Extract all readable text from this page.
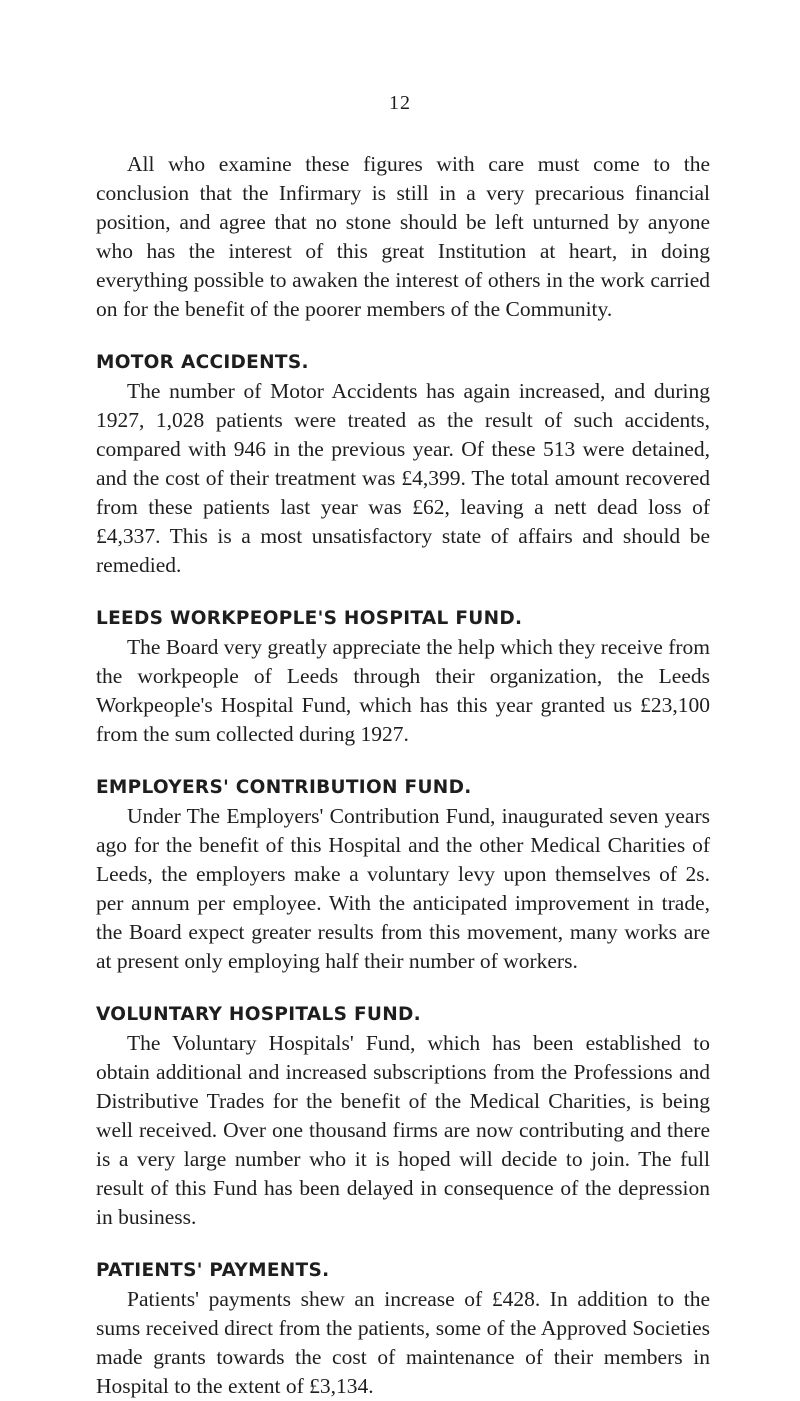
12

All who examine these figures with care must come to the conclusion that the Infirmary is still in a very precarious financial position, and agree that no stone should be left unturned by anyone who has the interest of this great Institution at heart, in doing everything possible to awaken the interest of others in the work carried on for the benefit of the poorer members of the Community.

MOTOR ACCIDENTS.

The number of Motor Accidents has again increased, and during 1927, 1,028 patients were treated as the result of such accidents, compared with 946 in the previous year. Of these 513 were detained, and the cost of their treatment was £4,399. The total amount recovered from these patients last year was £62, leaving a nett dead loss of £4,337. This is a most unsatisfactory state of affairs and should be remedied.

LEEDS WORKPEOPLE'S HOSPITAL FUND.

The Board very greatly appreciate the help which they receive from the workpeople of Leeds through their organization, the Leeds Workpeople's Hospital Fund, which has this year granted us £23,100 from the sum collected during 1927.

EMPLOYERS' CONTRIBUTION FUND.

Under The Employers' Contribution Fund, inaugurated seven years ago for the benefit of this Hospital and the other Medical Charities of Leeds, the employers make a voluntary levy upon themselves of 2s. per annum per employee. With the anticipated improvement in trade, the Board expect greater results from this movement, many works are at present only employing half their number of workers.

VOLUNTARY HOSPITALS FUND.

The Voluntary Hospitals' Fund, which has been established to obtain additional and increased subscriptions from the Professions and Distributive Trades for the benefit of the Medical Charities, is being well received. Over one thousand firms are now contributing and there is a very large number who it is hoped will decide to join. The full result of this Fund has been delayed in consequence of the depression in business.

PATIENTS' PAYMENTS.

Patients' payments shew an increase of £428. In addition to the sums received direct from the patients, some of the Approved Societies made grants towards the cost of maintenance of their members in Hospital to the extent of £3,134.
